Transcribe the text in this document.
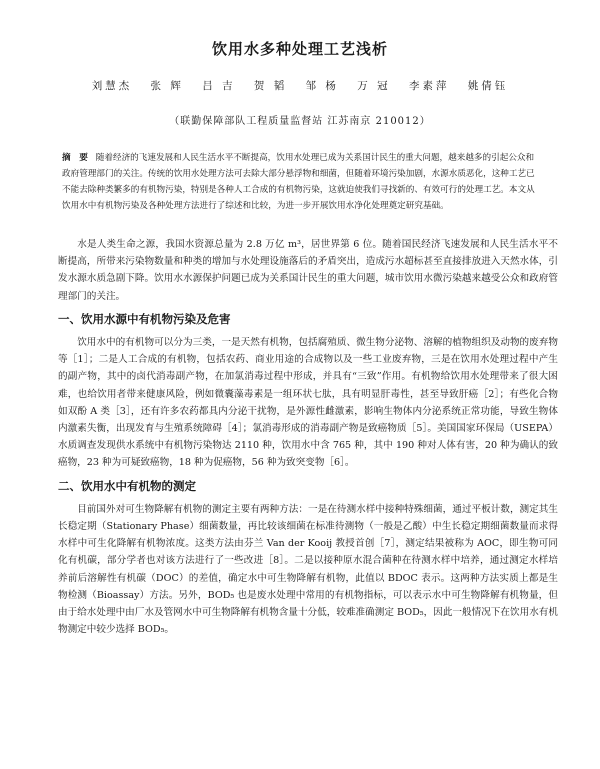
饮用水多种处理工艺浅析
刘慧杰 张 辉 吕 吉 贺 韬 邹 杨 万 冠 李素萍 姚倩钰
（联勤保障部队工程质量监督站 江苏南京 210012）
摘　要 随着经济的飞速发展和人民生活水平不断提高，饮用水处理已成为关系国计民生的重大问题，越来越多的引起公众和政府管理部门的关注。传统的饮用水处理方法可去除大部分悬浮物和细菌，但随着环境污染加剧，水源水质恶化，这种工艺已不能去除种类繁多的有机物污染，特别是各种人工合成的有机物污染，这就迫使我们寻找新的、有效可行的处理工艺。本文从饮用水中有机物污染及各种处理方法进行了综述和比较，为进一步开展饮用水净化处理奠定研究基础。

水是人类生命之源，我国水资源总量为 2.8 万亿 m³，居世界第 6 位。随着国民经济飞速发展和人民生活水平不断提高，所带来污染物数量和种类的增加与水处理设施落后的矛盾突出，造成污水超标甚至直接排放进入天然水体，引发水源水质急剧下降。饮用水水源保护问题已成为关系国计民生的重大问题，城市饮用水微污染越来越受公众和政府管理部门的关注。

一、饮用水源中有机物污染及危害

饮用水中的有机物可以分为三类，一是天然有机物，包括腐殖质、微生物分泌物、溶解的植物组织及动物的废弃物等［1］；二是人工合成的有机物，包括农药、商业用途的合成物以及一些工业废弃物，三是在饮用水处理过程中产生的副产物，其中的卤代消毒副产物，在加氯消毒过程中形成，并具有“三致”作用。有机物给饮用水处理带来了很大困难，也给饮用者带来健康风险，例如微囊藻毒素是一组环状七肽，具有明显肝毒性，甚至导致肝癌［2］；有些化合物如双酚 A 类［3］，还有许多农药都具内分泌干扰物，是外源性雌激素，影响生物体内分泌系统正常功能，导致生物体内激素失衡，出现发育与生殖系统障碍［4］；氯消毒形成的消毒副产物是致癌物质［5］。美国国家环保局（USEPA）水质调查发现供水系统中有机物污染物达 2110 种，饮用水中含 765 种，其中 190 种对人体有害，20 种为确认的致癌物，23 种为可疑致癌物，18 种为促癌物，56 种为致突变物［6］。

二、饮用水中有机物的测定

目前国外对可生物降解有机物的测定主要有两种方法：一是在待测水样中接种特殊细菌，通过平板计数，测定其生长稳定期（Stationary Phase）细菌数量，再比较该细菌在标准待测物（一般是乙酸）中生长稳定期细菌数量而求得水样中可生化降解有机物浓度。这类方法由芬兰 Van der Kooij 教授首创［7］，测定结果被称为 AOC，即生物可同化有机碳，部分学者也对该方法进行了一些改进［8］。二是以接种原水混合菌种在待测水样中培养，通过测定水样培养前后溶解性有机碳（DOC）的差值，确定水中可生物降解有机物，此值以 BDOC 表示。这两种方法实质上都是生物检测（Bioassay）方法。另外，BOD₅ 也是废水处理中常用的有机物指标，可以表示水中可生物降解有机物量，但由于给水处理中由厂水及管网水中可生物降解有机物含量十分低，较难准确测定 BOD₅，因此一般情况下在饮用水有机物测定中较少选择 BOD₅。
